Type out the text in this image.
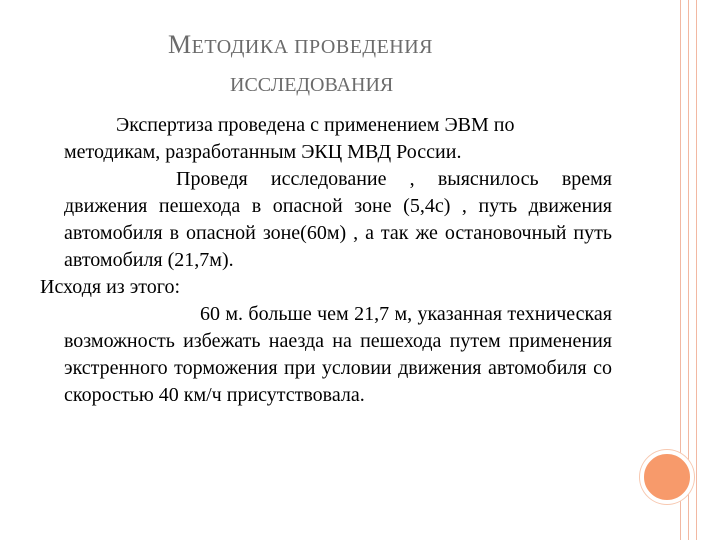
МЕТОДИКА ПРОВЕДЕНИЯ
ИССЛЕДОВАНИЯ

Экспертиза проведена с применением ЭВМ по методикам, разработанным ЭКЦ МВД России.

Проведя исследование , выяснилось время движения пешехода в опасной зоне (5,4с) , путь движения автомобиля в опасной зоне(60м) , а так же остановочный путь автомобиля (21,7м).

Исходя из этого:

60 м. больше чем 21,7 м, указанная техническая возможность избежать наезда на пешехода путем применения экстренного торможения при условии движения автомобиля со скоростью 40 км/ч присутствовала.
